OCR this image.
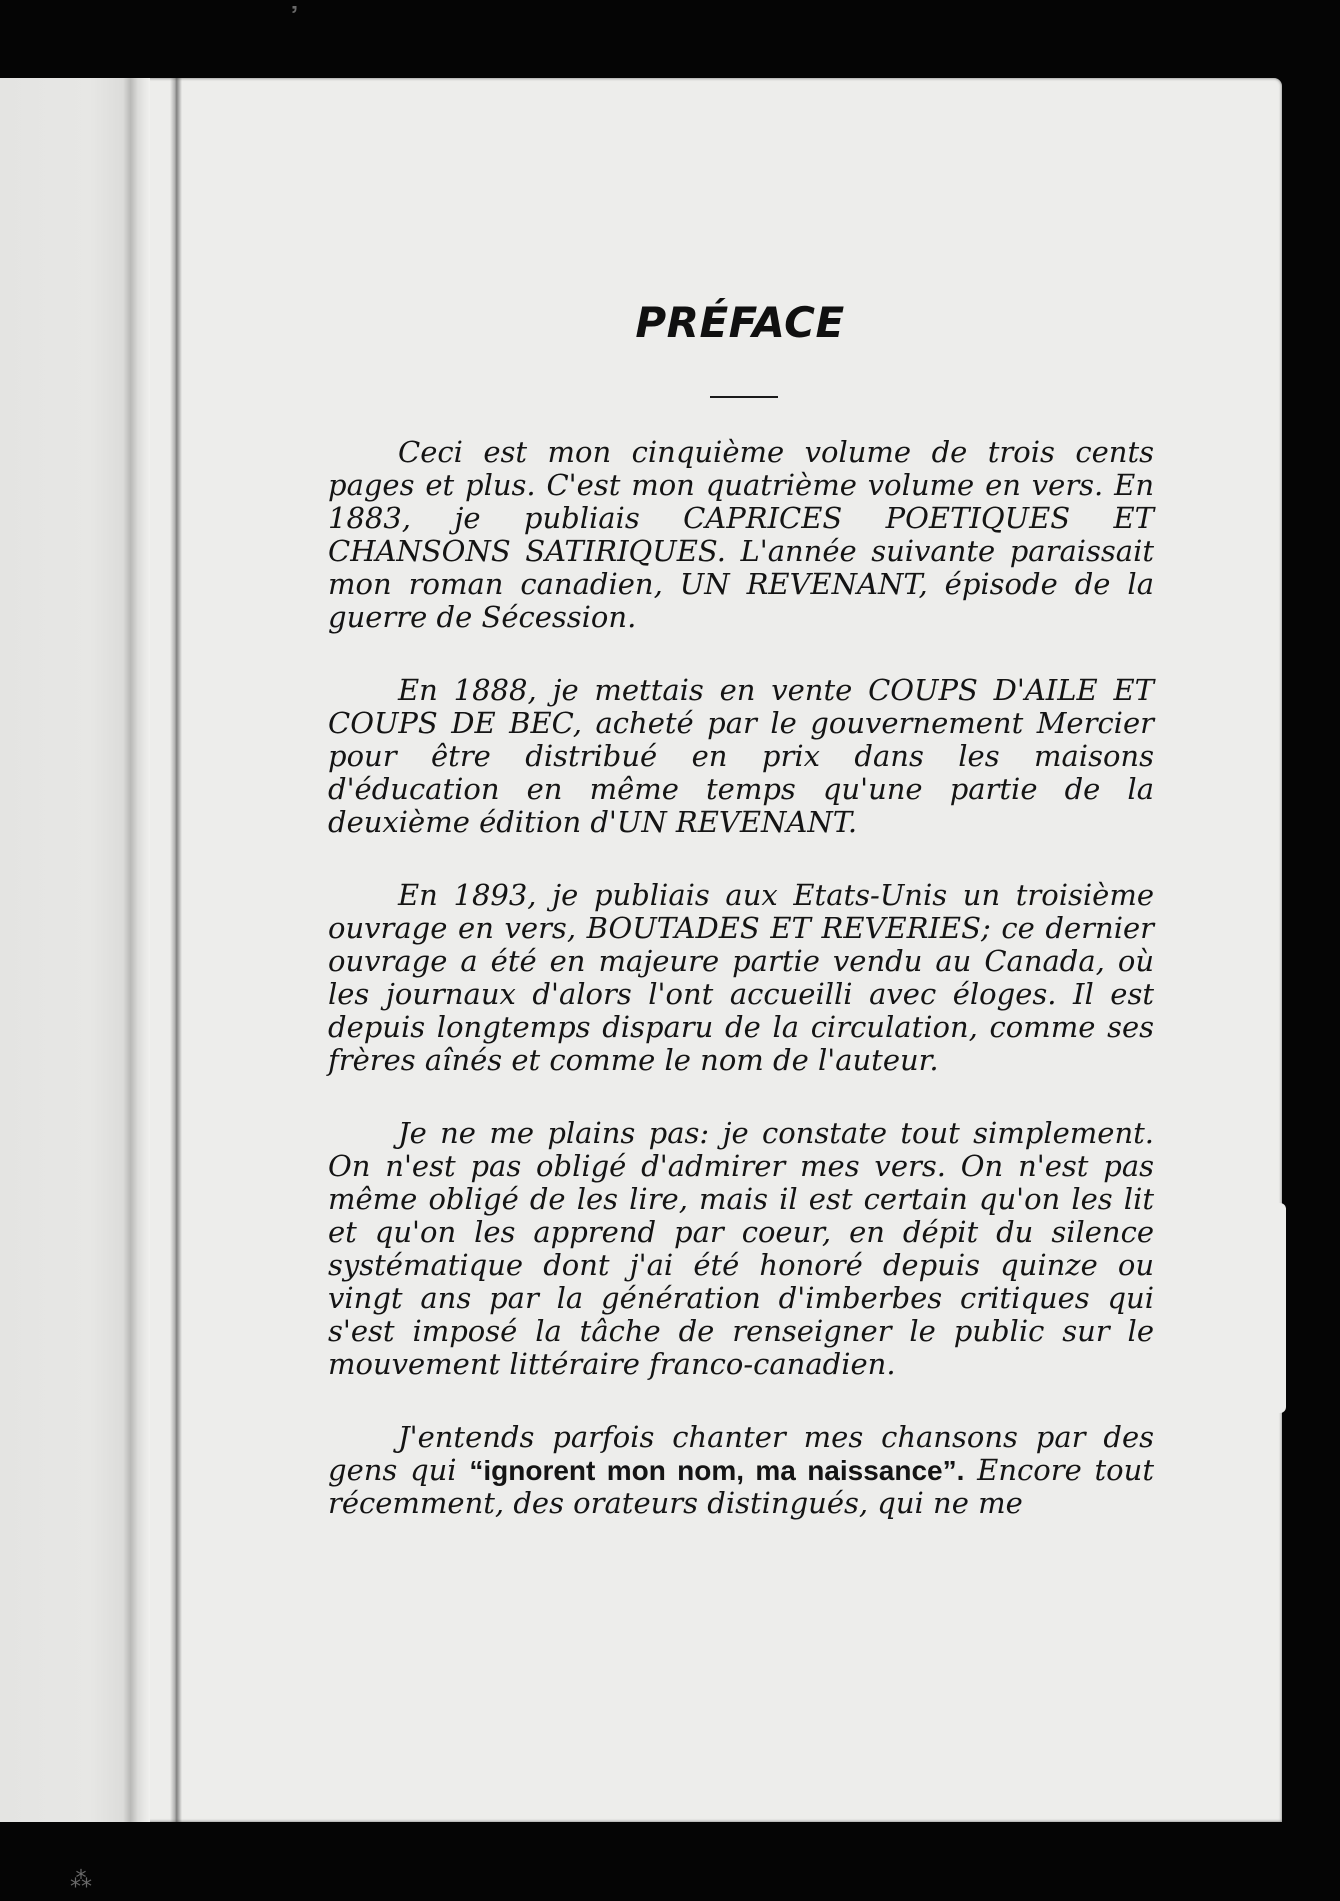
᾽
⁂
PRÉFACE

Ceci est mon cinquième volume de trois cents pages et plus. C'est mon quatrième volume en vers. En 1883, je publiais CAPRICES POETIQUES ET CHANSONS SATIRIQUES. L'année suivante paraissait mon roman canadien, UN REVENANT, épisode de la guerre de Sécession.

En 1888, je mettais en vente COUPS D'AILE ET COUPS DE BEC, acheté par le gouvernement Mercier pour être distribué en prix dans les maisons d'éducation en même temps qu'une partie de la deuxième édition d'UN REVENANT.

En 1893, je publiais aux Etats-Unis un troisième ouvrage en vers, BOUTADES ET REVERIES; ce dernier ouvrage a été en majeure partie vendu au Canada, où les journaux d'alors l'ont accueilli avec éloges. Il est depuis longtemps disparu de la circulation, comme ses frères aînés et comme le nom de l'auteur.

Je ne me plains pas: je constate tout simplement. On n'est pas obligé d'admirer mes vers. On n'est pas même obligé de les lire, mais il est certain qu'on les lit et qu'on les apprend par coeur, en dépit du silence systématique dont j'ai été honoré depuis quinze ou vingt ans par la génération d'imberbes critiques qui s'est imposé la tâche de renseigner le public sur le mouvement littéraire franco-canadien.

J'entends parfois chanter mes chansons par des gens qui “ignorent mon nom, ma naissance”. Encore tout récemment, des orateurs distingués, qui ne me
